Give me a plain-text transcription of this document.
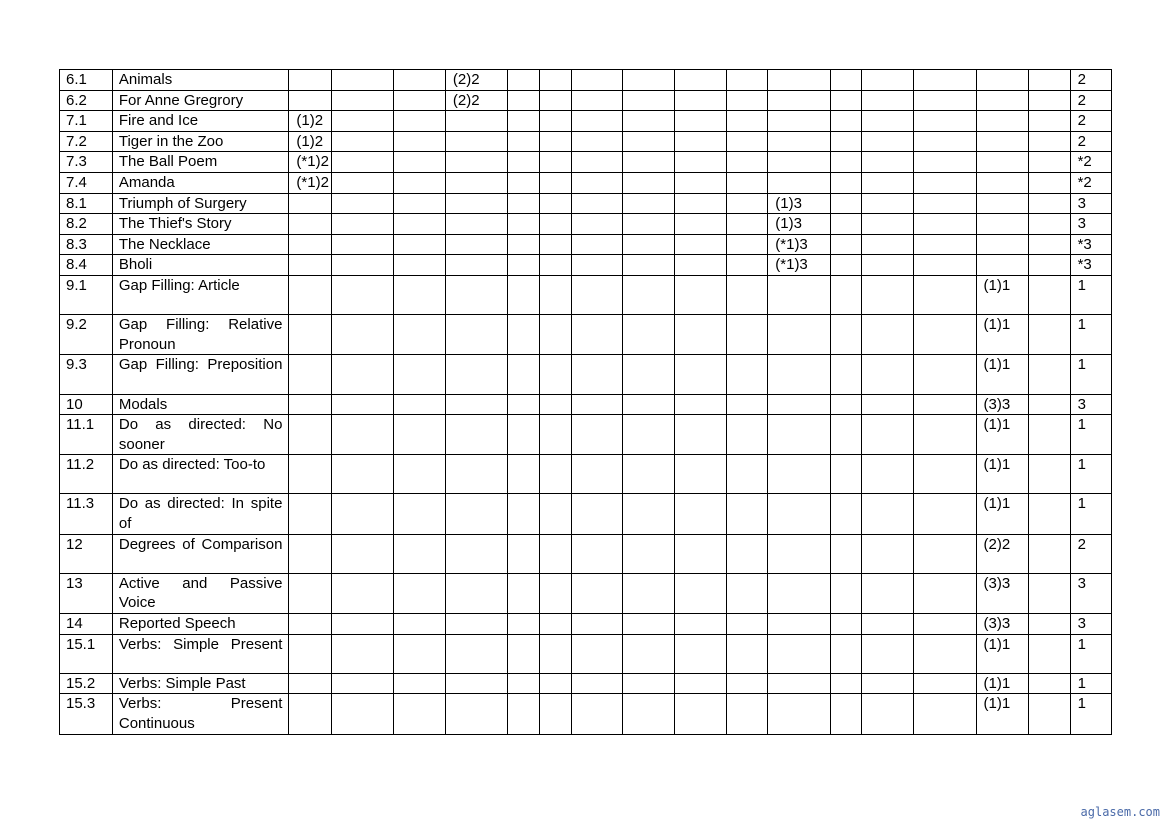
6.1	Animals				(2)2													2
6.2	For Anne Gregrory				(2)2													2
7.1	Fire and Ice	(1)2																2
7.2	Tiger in the Zoo	(1)2																2
7.3	The Ball Poem	(*1)2																*2
7.4	Amanda	(*1)2																*2
8.1	Triumph of Surgery											(1)3						3
8.2	The Thief's Story											(1)3						3
8.3	The Necklace											(*1)3						*3
8.4	Bholi											(*1)3						*3
9.1	Gap Filling: Article															(1)1		1
9.2	Gap Filling: Relative Pronoun															(1)1		1
9.3	Gap Filling: Preposition															(1)1		1
10	Modals															(3)3		3
11.1	Do as directed: No sooner															(1)1		1
11.2	Do as directed: Too-to															(1)1		1
11.3	Do as directed: In spite of															(1)1		1
12	Degrees of Comparison															(2)2		2
13	Active and Passive Voice															(3)3		3
14	Reported Speech															(3)3		3
15.1	Verbs: Simple Present															(1)1		1
15.2	Verbs: Simple Past															(1)1		1
15.3	Verbs: Present Continuous															(1)1		1
aglasem.com
